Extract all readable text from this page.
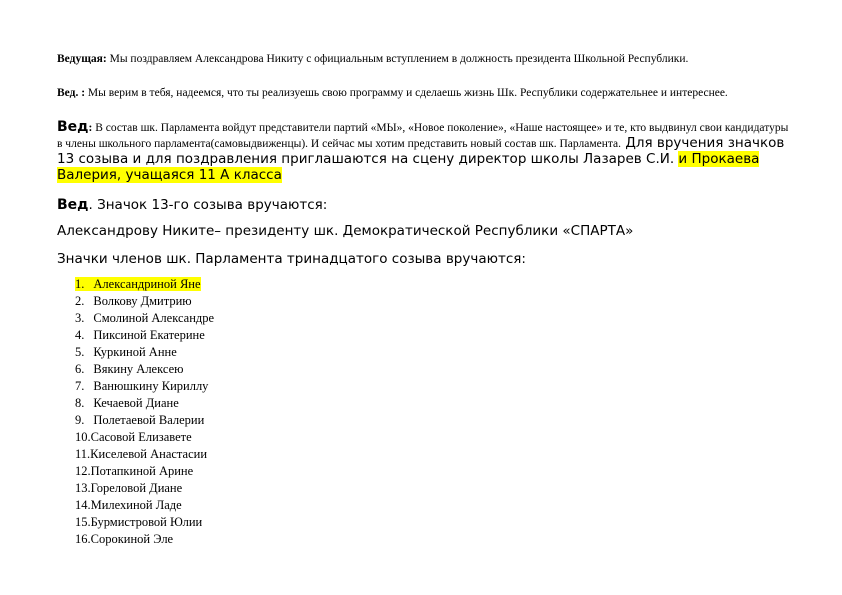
Ведущая: Мы поздравляем Александрова Никиту с официальным вступлением в должность президента Школьной Республики.
Вед. : Мы верим в тебя, надеемся, что ты реализуешь свою программу и сделаешь жизнь Шк. Республики содержательнее и интереснее.
Вед: В состав шк. Парламента войдут представители партий «МЫ», «Новое поколение», «Наше настоящее» и те, кто выдвинул свои кандидатуры в члены школьного парламента(самовыдвиженцы). И сейчас мы хотим представить новый состав шк. Парламента. Для вручения значков 13 созыва и для поздравления приглашаются на сцену директор школы Лазарев С.И. и Прокаева Валерия, учащаяся 11 А класса
Вед. Значок 13-го созыва вручаются:
Александрову Никите– президенту шк. Демократической Республики «СПАРТА»
Значки членов шк. Парламента тринадцатого созыва вручаются:
1. Александриной Яне
2. Волкову Дмитрию
3. Смолиной Александре
4. Пиксиной Екатерине
5. Куркиной Анне
6. Вякину Алексею
7. Ванюшкину Кириллу
8. Кечаевой Диане
9. Полетаевой Валерии
10.Сасовой Елизавете
11.Киселевой Анастасии
12.Потапкиной Арине
13.Гореловой Диане
14.Милехиной Ладе
15.Бурмистровой Юлии
16.Сорокиной Эле
